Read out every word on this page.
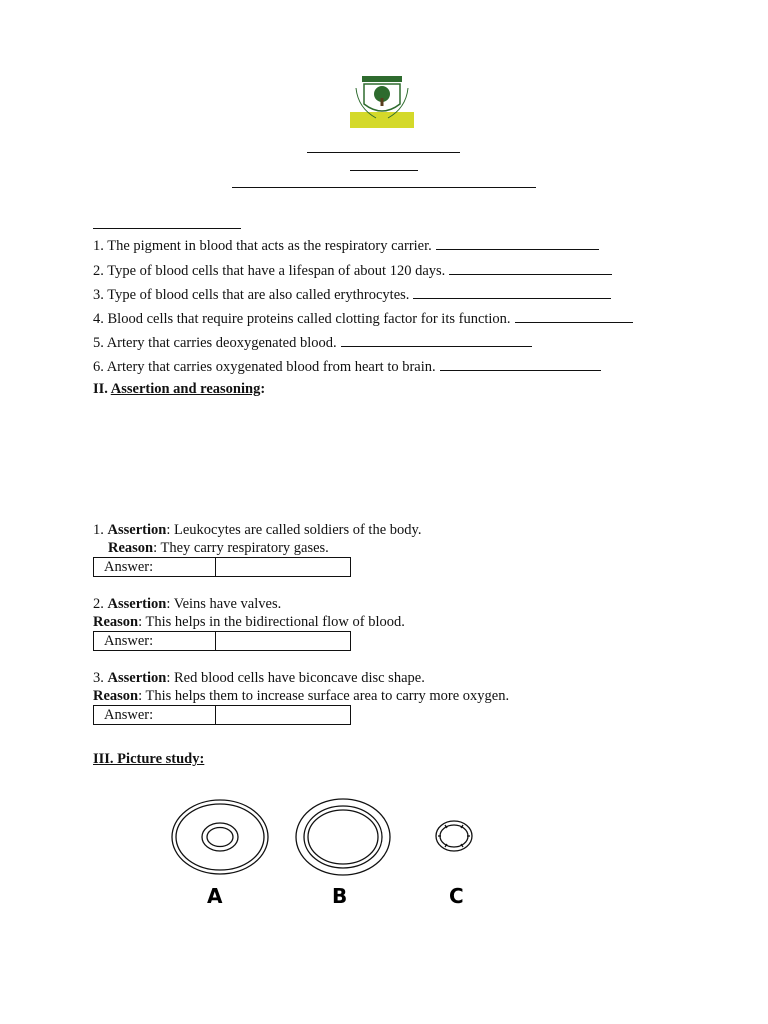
1. The pigment in blood that acts as the respiratory carrier.
2. Type of blood cells that have a lifespan of about 120 days.
3. Type of blood cells that are also called erythrocytes.
4. Blood cells that require proteins called clotting factor for its function.
5. Artery that carries deoxygenated blood.
6. Artery that carries oxygenated blood from heart to brain.
II. Assertion and reasoning:
1. Assertion: Leukocytes are called soldiers of the body.
Reason: They carry respiratory gases.
Answer:
2. Assertion: Veins have valves.
Reason: This helps in the bidirectional flow of blood.
Answer:
3. Assertion: Red blood cells have biconcave disc shape.
Reason: This helps them to increase surface area to carry more oxygen.
Answer:
III. Picture study:
A	B	C
